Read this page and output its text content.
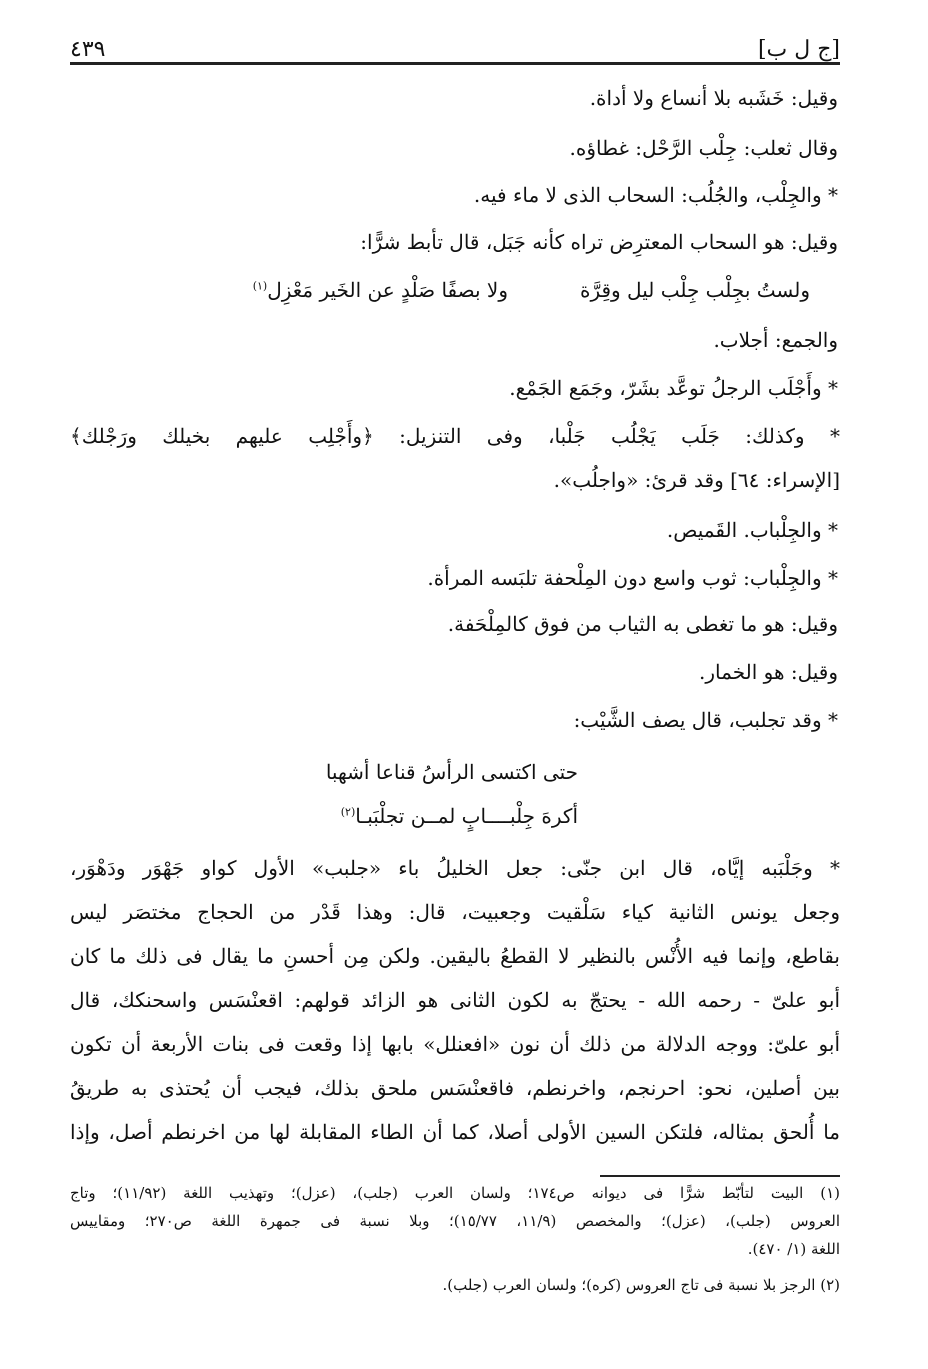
[ج ل ب]
٤٣٩
وقيل: خَشَبه بلا أنساع ولا أداة.
وقال ثعلب: جِلْب الرَّحْل: غطاؤه.
* والجِلْب، والجُلُب: السحاب الذى لا ماء فيه.
وقيل: هو السحاب المعترِض تراه كأنه جَبَل، قال تأبط شرًّا:
ولستُ بجِلْب جِلْب ليل وقِرَّة
ولا بصفًا صَلْدٍ عن الخَير مَعْزِل$^{(١)}$
والجمع: أجلاب.
* وأَجْلَب الرجلُ توعَّد بشَرّ، وجَمَع الجَمْع.
* وكذلك: جَلَب يَجْلُب جَلْبا، وفى التنزيل: ﴿وأَجْلِب عليهم بخيلك ورَجْلك﴾
[الإسراء: ٦٤] وقد قرئ: «واجلُب».
* والجِلْباب. القَميص.
* والجِلْباب: ثوب واسع دون المِلْحفة تلبَسه المرأة.
وقيل: هو ما تغطى به الثياب من فوق كالمِلْحَفة.
وقيل: هو الخمار.
* وقد تجلبب، قال يصف الشَّيْب:
حتى اكتسى الرأسُ قناعا أشهبا
أكرهَ جِلْبــــابٍ لمــن تجلْبَبـا$^{(٢)}$
* وجَلْبَبه إيَّاه، قال ابن جنّى: جعل الخليلُ باء «جلبب» الأول كواو جَهْوَر ودَهْوَر،
وجعل يونس الثانية كياء سَلْقيت وجعبيت، قال: وهذا قَدْر من الحجاج مختصَر ليس
بقاطع، وإنما فيه الأُنْس بالنظير لا القطعُ باليقين. ولكن مِن أحسنِ ما يقال فى ذلك ما كان
أبو علىّ - رحمه الله - يحتجّ به لكون الثانى هو الزائد قولهم: اقعنْسَس واسحنكك، قال
أبو علىّ: ووجه الدلالة من ذلك أن نون «افعنلل» بابها إذا وقعت فى بنات الأربعة أن تكون
بين أصلين، نحو: احرنجم، واخرنطم، فاقعنْسَس ملحق بذلك، فيجب أن يُحتذى به طريقُ
ما أُلحق بمثاله، فلتكن السين الأولى أصلا، كما أن الطاء المقابلة لها من اخرنطم أصل، وإذا
(١) البيت لتأبّط شرًّا فى ديوانه ص١٧٤؛ ولسان العرب (جلب)، (عزل)؛ وتهذيب اللغة (١١/٩٢)؛ وتاج
العروس (جلب)، (عزل)؛ والمخصص (١١/٩، ١٥/٧٧)؛ وبلا نسبة فى جمهرة اللغة ص٢٧٠؛ ومقاييس
اللغة (١/ ٤٧٠).
(٢) الرجز بلا نسبة فى تاج العروس (كره)؛ ولسان العرب (جلب).
